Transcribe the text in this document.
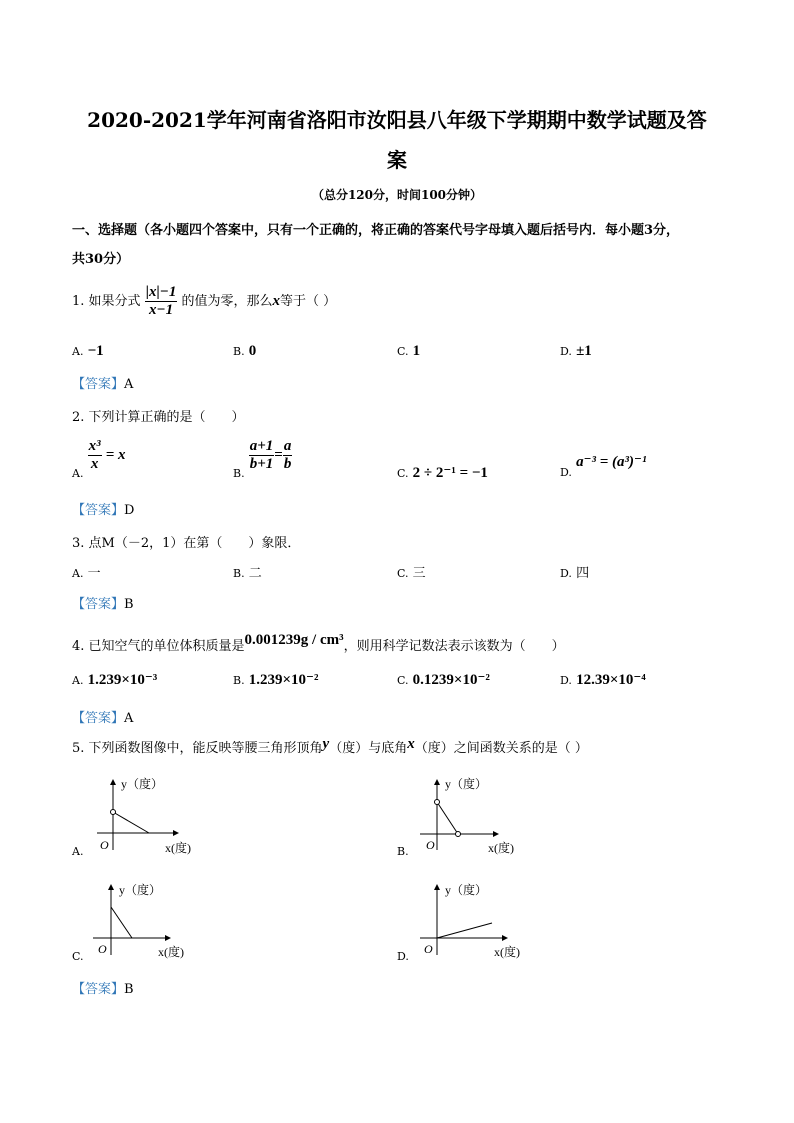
2020-2021学年河南省洛阳市汝阳县八年级下学期期中数学试题及答
案
（总分120分，时间100分钟）
一、选择题（各小题四个答案中，只有一个正确的，将正确的答案代号字母填入题后括号内．每小题3分，
共30分）
1. 如果分式 $\frac{|x|-1}{x-1}$ 的值为零，那么x等于（ ）
A. −1	B. 0	C. 1	D. ±1
【答案】A
2. 下列计算正确的是（　　）
$_{A.}$
$\frac{\text{x³}}{x} = x$
$_{B.}$
$\frac{a+1}{b+1} = \frac{a}{b}$
C. 2 ÷ 2⁻¹ = −1	$_{D.}$ a⁻³ = (a³)⁻¹
【答案】D
3. 点M（－2，1）在第（　　）象限．
A. 一	B. 二	C. 三	D. 四
【答案】B
4. 已知空气的单位体积质量是0.001239g / cm³，则用科学记数法表示该数为（　　）
A. 1.239×10⁻³	B. 1.239×10⁻²	C. 0.1239×10⁻²	D. 12.39×10⁻⁴
【答案】A
5. 下列函数图像中，能反映等腰三角形顶角y（度）与底角x（度）之间函数关系的是（ ）
y（度）
O	x(度)
y（度）
O	x(度)
y（度）
O	x(度)
y（度）
O	x(度)
A.	B.
C.	D.
【答案】B
